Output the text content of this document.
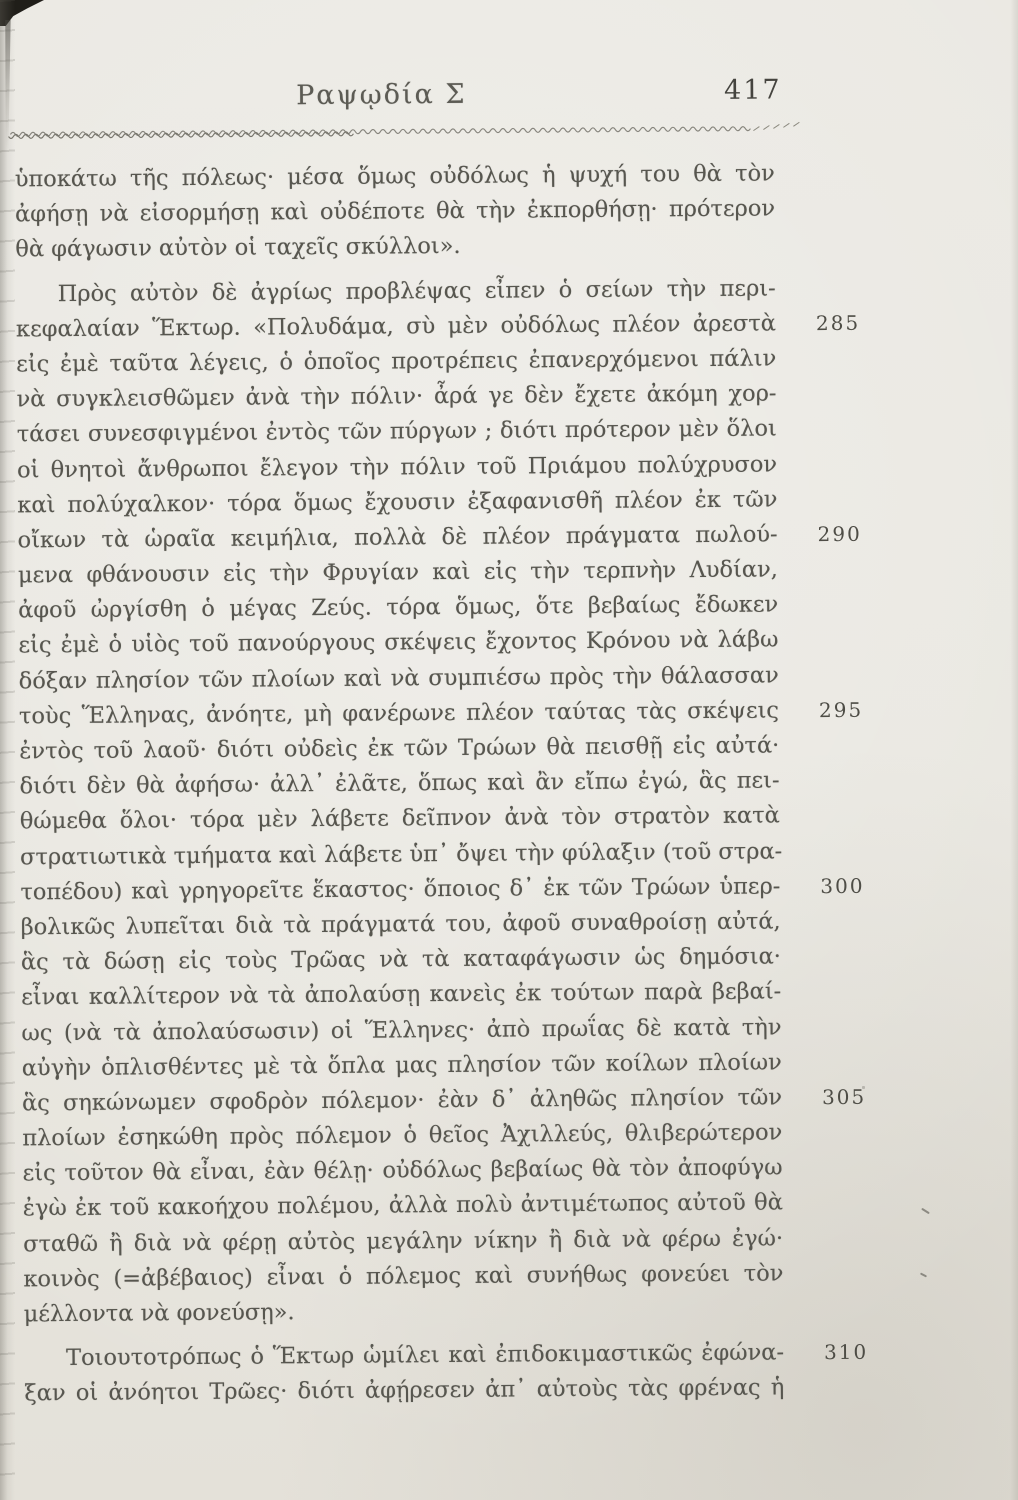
Ραψῳδία Σ	417
ὑποκάτω τῆς πόλεως· μέσα ὅμως οὐδόλως ἡ ψυχή του θὰ τὸν
ἀφήσῃ νὰ εἰσορμήσῃ καὶ οὐδέποτε θὰ τὴν ἐκπορθήσῃ· πρότερον
θὰ φάγωσιν αὐτὸν οἱ ταχεῖς σκύλλοι».
Πρὸς αὐτὸν δὲ ἀγρίως προβλέψας εἶπεν ὁ σείων τὴν περι-
κεφαλαίαν Ἕκτωρ. «Πολυδάμα, σὺ μὲν οὐδόλως πλέον ἀρεστὰ 285
εἰς ἐμὲ ταῦτα λέγεις, ὁ ὁποῖος προτρέπεις ἐπανερχόμενοι πάλιν
νὰ συγκλεισθῶμεν ἀνὰ τὴν πόλιν· ἆρά γε δὲν ἔχετε ἀκόμη χορ-
τάσει συνεσφιγμένοι ἐντὸς τῶν πύργων ; διότι πρότερον μὲν ὅλοι
οἱ θνητοὶ ἄνθρωποι ἔλεγον τὴν πόλιν τοῦ Πριάμου πολύχρυσον
καὶ πολύχαλκον· τόρα ὅμως ἔχουσιν ἐξαφανισθῆ πλέον ἐκ τῶν
οἴκων τὰ ὡραῖα κειμήλια, πολλὰ δὲ πλέον πράγματα πωλού- 290
μενα φθάνουσιν εἰς τὴν Φρυγίαν καὶ εἰς τὴν τερπνὴν Λυδίαν,
ἀφοῦ ὠργίσθη ὁ μέγας Ζεύς. τόρα ὅμως, ὅτε βεβαίως ἔδωκεν
εἰς ἐμὲ ὁ υἱὸς τοῦ πανούργους σκέψεις ἔχοντος Κρόνου νὰ λάβω
δόξαν πλησίον τῶν πλοίων καὶ νὰ συμπιέσω πρὸς τὴν θάλασσαν
τοὺς Ἕλληνας, ἀνόητε, μὴ φανέρωνε πλέον ταύτας τὰς σκέψεις 295
ἐντὸς τοῦ λαοῦ· διότι οὐδεὶς ἐκ τῶν Τρώων θὰ πεισθῇ εἰς αὐτά·
διότι δὲν θὰ ἀφήσω· ἀλλ᾽ ἐλᾶτε, ὅπως καὶ ἂν εἴπω ἐγώ, ἃς πει-
θώμεθα ὅλοι· τόρα μὲν λάβετε δεῖπνον ἀνὰ τὸν στρατὸν κατὰ
στρατιωτικὰ τμήματα καὶ λάβετε ὑπ᾽ ὄψει τὴν φύλαξιν (τοῦ στρα-
τοπέδου) καὶ γρηγορεῖτε ἕκαστος· ὅποιος δ᾽ ἐκ τῶν Τρώων ὑπερ- 300
βολικῶς λυπεῖται διὰ τὰ πράγματά του, ἀφοῦ συναθροίσῃ αὐτά,
ἃς τὰ δώσῃ εἰς τοὺς Τρῶας νὰ τὰ καταφάγωσιν ὡς δημόσια·
εἶναι καλλίτερον νὰ τὰ ἀπολαύσῃ κανεὶς ἐκ τούτων παρὰ βεβαί-
ως (νὰ τὰ ἀπολαύσωσιν) οἱ Ἕλληνες· ἀπὸ πρωΐας δὲ κατὰ τὴν
αὐγὴν ὁπλισθέντες μὲ τὰ ὅπλα μας πλησίον τῶν κοίλων πλοίων
ἃς σηκώνωμεν σφοδρὸν πόλεμον· ἐὰν δ᾽ ἀληθῶς πλησίον τῶν 305
πλοίων ἐσηκώθη πρὸς πόλεμον ὁ θεῖος Ἀχιλλεύς, θλιβερώτερον
εἰς τοῦτον θὰ εἶναι, ἐὰν θέλῃ· οὐδόλως βεβαίως θὰ τὸν ἀποφύγω
ἐγὼ ἐκ τοῦ κακοήχου πολέμου, ἀλλὰ πολὺ ἀντιμέτωπος αὐτοῦ θὰ
σταθῶ ἢ διὰ νὰ φέρῃ αὐτὸς μεγάλην νίκην ἢ διὰ νὰ φέρω ἐγώ·
κοινὸς (=ἀβέβαιος) εἶναι ὁ πόλεμος καὶ συνήθως φονεύει τὸν
μέλλοντα νὰ φονεύσῃ».
Τοιουτοτρόπως ὁ Ἕκτωρ ὡμίλει καὶ ἐπιδοκιμαστικῶς ἐφώνα- 310
ξαν οἱ ἀνόητοι Τρῶες· διότι ἀφῄρεσεν ἀπ᾽ αὐτοὺς τὰς φρένας ἡ
